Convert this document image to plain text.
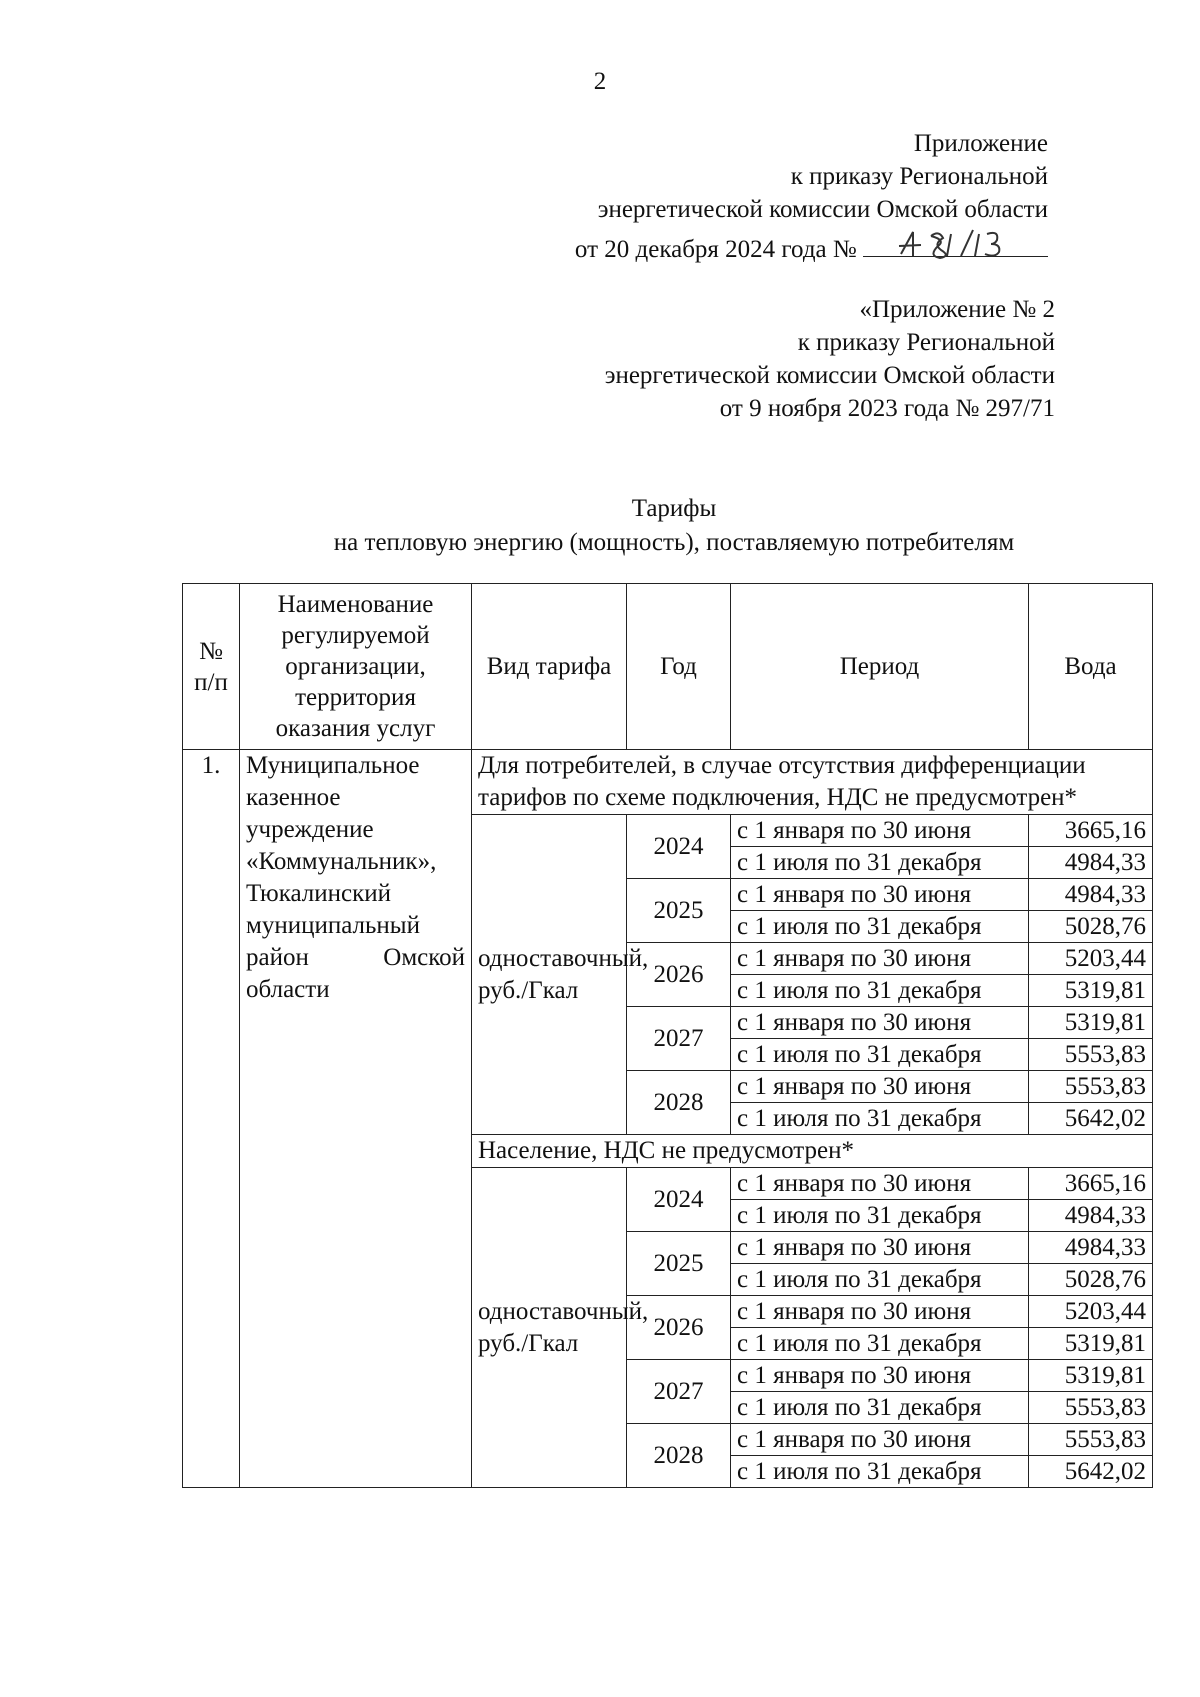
2
Приложение
к приказу Региональной
энергетической комиссии Омской области
от 20 декабря 2024 года №
«Приложение № 2
к приказу Региональной
энергетической комиссии Омской области
от 9 ноября 2023 года № 297/71
Тарифы
на тепловую энергию (мощность), поставляемую потребителям
№ п/п	Наименование регулируемой организации, территория оказания услуг	Вид тарифа	Год	Период	Вода
1.	Муниципальное казенное учреждение «Коммунальник», Тюкалинский муниципальный район Омской области	Для потребителей, в случае отсутствия дифференциации тарифов по схеме подключения, НДС не предусмотрен*			
		одноставочный, руб./Гкал	2024	с 1 января по 30 июня	3665,16
				с 1 июля по 31 декабря	4984,33
			2025	с 1 января по 30 июня	4984,33
				с 1 июля по 31 декабря	5028,76
			2026	с 1 января по 30 июня	5203,44
				с 1 июля по 31 декабря	5319,81
			2027	с 1 января по 30 июня	5319,81
				с 1 июля по 31 декабря	5553,83
			2028	с 1 января по 30 июня	5553,83
				с 1 июля по 31 декабря	5642,02
		Население, НДС не предусмотрен*			
		одноставочный, руб./Гкал	2024	с 1 января по 30 июня	3665,16
				с 1 июля по 31 декабря	4984,33
			2025	с 1 января по 30 июня	4984,33
				с 1 июля по 31 декабря	5028,76
			2026	с 1 января по 30 июня	5203,44
				с 1 июля по 31 декабря	5319,81
			2027	с 1 января по 30 июня	5319,81
				с 1 июля по 31 декабря	5553,83
			2028	с 1 января по 30 июня	5553,83
				с 1 июля по 31 декабря	5642,02
